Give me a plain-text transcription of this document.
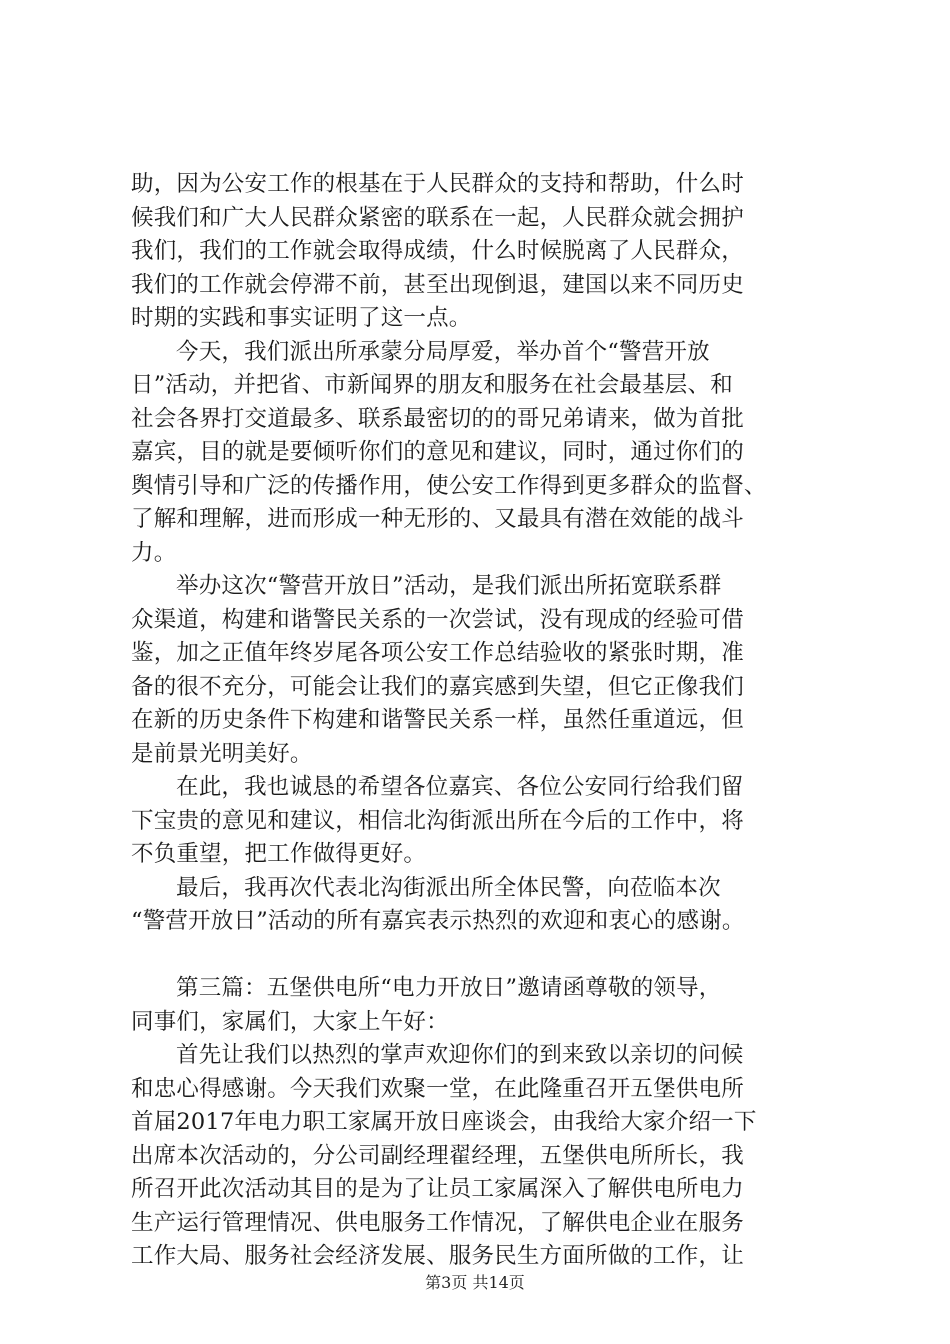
助，因为公安工作的根基在于人民群众的支持和帮助，什么时
候我们和广大人民群众紧密的联系在一起，人民群众就会拥护
我们，我们的工作就会取得成绩，什么时候脱离了人民群众，
我们的工作就会停滞不前，甚至出现倒退，建国以来不同历史
时期的实践和事实证明了这一点。
今天，我们派出所承蒙分局厚爱，举办首个“警营开放
日”活动，并把省、市新闻界的朋友和服务在社会最基层、和
社会各界打交道最多、联系最密切的的哥兄弟请来，做为首批
嘉宾，目的就是要倾听你们的意见和建议，同时，通过你们的
舆情引导和广泛的传播作用，使公安工作得到更多群众的监督、
了解和理解，进而形成一种无形的、又最具有潜在效能的战斗
力。
举办这次“警营开放日”活动，是我们派出所拓宽联系群
众渠道，构建和谐警民关系的一次尝试，没有现成的经验可借
鉴，加之正值年终岁尾各项公安工作总结验收的紧张时期，准
备的很不充分，可能会让我们的嘉宾感到失望，但它正像我们
在新的历史条件下构建和谐警民关系一样，虽然任重道远，但
是前景光明美好。
在此，我也诚恳的希望各位嘉宾、各位公安同行给我们留
下宝贵的意见和建议，相信北沟街派出所在今后的工作中，将
不负重望，把工作做得更好。
最后，我再次代表北沟街派出所全体民警，向莅临本次
“警营开放日”活动的所有嘉宾表示热烈的欢迎和衷心的感谢。
第三篇：五堡供电所“电力开放日”邀请函尊敬的领导，
同事们，家属们，大家上午好：
首先让我们以热烈的掌声欢迎你们的到来致以亲切的问候
和忠心得感谢。今天我们欢聚一堂，在此隆重召开五堡供电所
首届2017年电力职工家属开放日座谈会，由我给大家介绍一下
出席本次活动的，分公司副经理翟经理，五堡供电所所长，我
所召开此次活动其目的是为了让员工家属深入了解供电所电力
生产运行管理情况、供电服务工作情况，了解供电企业在服务
工作大局、服务社会经济发展、服务民生方面所做的工作，让
第3页 共14页
